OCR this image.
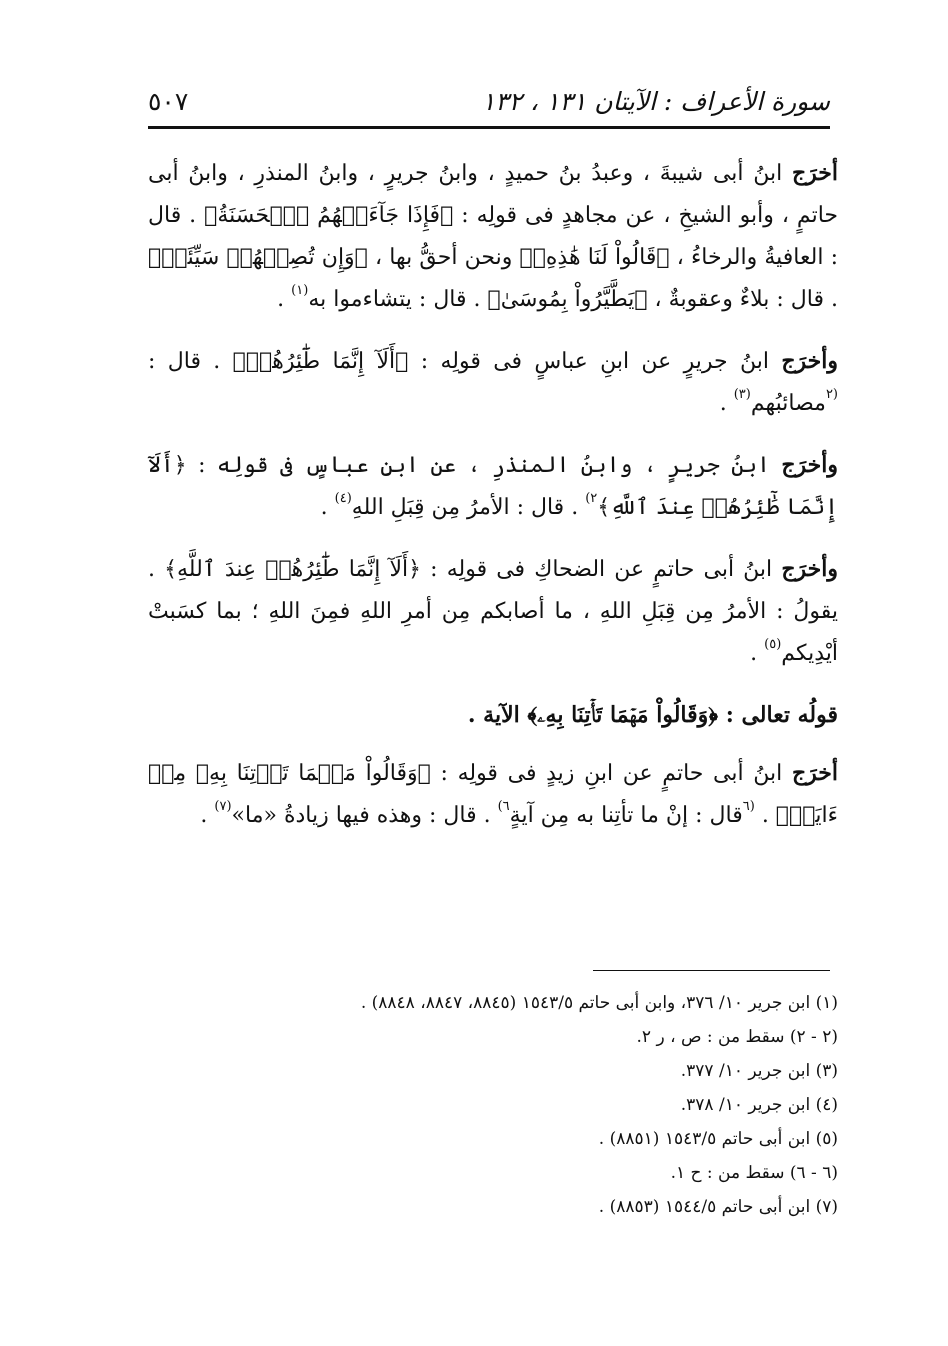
٥٠٧	سورة الأعراف : الآيتان ١٣١ ، ١٣٢

أخرَج ابنُ أبى شيبةَ ، وعبدُ بنُ حميدٍ ، وابنُ جريرٍ ، وابنُ المنذرِ ، وابنُ أبى حاتمٍ ، وأبو الشيخِ ، عن مجاهدٍ فى قولِه : ﴿فَإِذَا جَآءَتۡهُمُ ٱلۡحَسَنَةُ﴾ . قال : العافيةُ والرخاءُ ، ﴿قَالُواْ لَنَا هَٰذِهِۦ﴾ ونحن أحقُّ بها ، ﴿وَإِن تُصِبۡهُمۡ سَيِّئَةٞ﴾ . قال : بلاءٌ وعقوبةٌ ، ﴿يَطَّيَّرُواْ بِمُوسَىٰ﴾ . قال : يتشاءموا به$^{(١)}$ .

وأخرَج ابنُ جريرٍ عن ابنِ عباسٍ فى قولِه : ﴿أَلَآ إِنَّمَا طَٰٓئِرُهُمۡ﴾ . قال : $^{(٢}$مصائبُهم$^{(٣)}$ .

وأخرَج ابنُ جريرٍ ، وابنُ المنذرِ ، عن ابنِ عباسٍ فى قولِه : ﴿أَلَآ إِنَّمَا طَٰٓئِرُهُمۡ عِندَ ٱللَّهِ﴾$^{٢)}$ . قال : الأمرُ مِن قِبَلِ اللهِ$^{(٤)}$ .

وأخرَج ابنُ أبى حاتمٍ عن الضحاكِ فى قولِه : ﴿أَلَآ إِنَّمَا طَٰٓئِرُهُمۡ عِندَ ٱللَّهِ﴾ . يقولُ : الأمرُ مِن قِبَلِ اللهِ ، ما أصابكم مِن أمرِ اللهِ فمِنَ اللهِ ؛ بما كسَبتْ أيْدِيكم$^{(٥)}$ .

قولُه تعالى : ﴿وَقَالُواْ مَهۡمَا تَأۡتِنَا بِهِۦ﴾ الآية .

أخرَج ابنُ أبى حاتمٍ عن ابنِ زيدٍ فى قولِه : ﴿وَقَالُواْ مَهۡمَا تَأۡتِنَا بِهِۦ مِنۡ ءَايَةٖ﴾ . $^{(٦}$قال : إنْ ما تأتِنا به مِن آيةٍ$^{٦)}$ . قال : وهذه فيها زيادةُ «ما»$^{(٧)}$ .

(١) ابن جرير ١٠/ ٣٧٦، وابن أبى حاتم ١٥٤٣/٥ (٨٨٤٥، ٨٨٤٧، ٨٨٤٨) .

(٢ - ٢) سقط من : ص ، ر ٢.

(٣) ابن جرير ١٠/ ٣٧٧.

(٤) ابن جرير ١٠/ ٣٧٨.

(٥) ابن أبى حاتم ١٥٤٣/٥ (٨٨٥١) .

(٦ - ٦) سقط من : ح ١.

(٧) ابن أبى حاتم ١٥٤٤/٥ (٨٨٥٣) .
